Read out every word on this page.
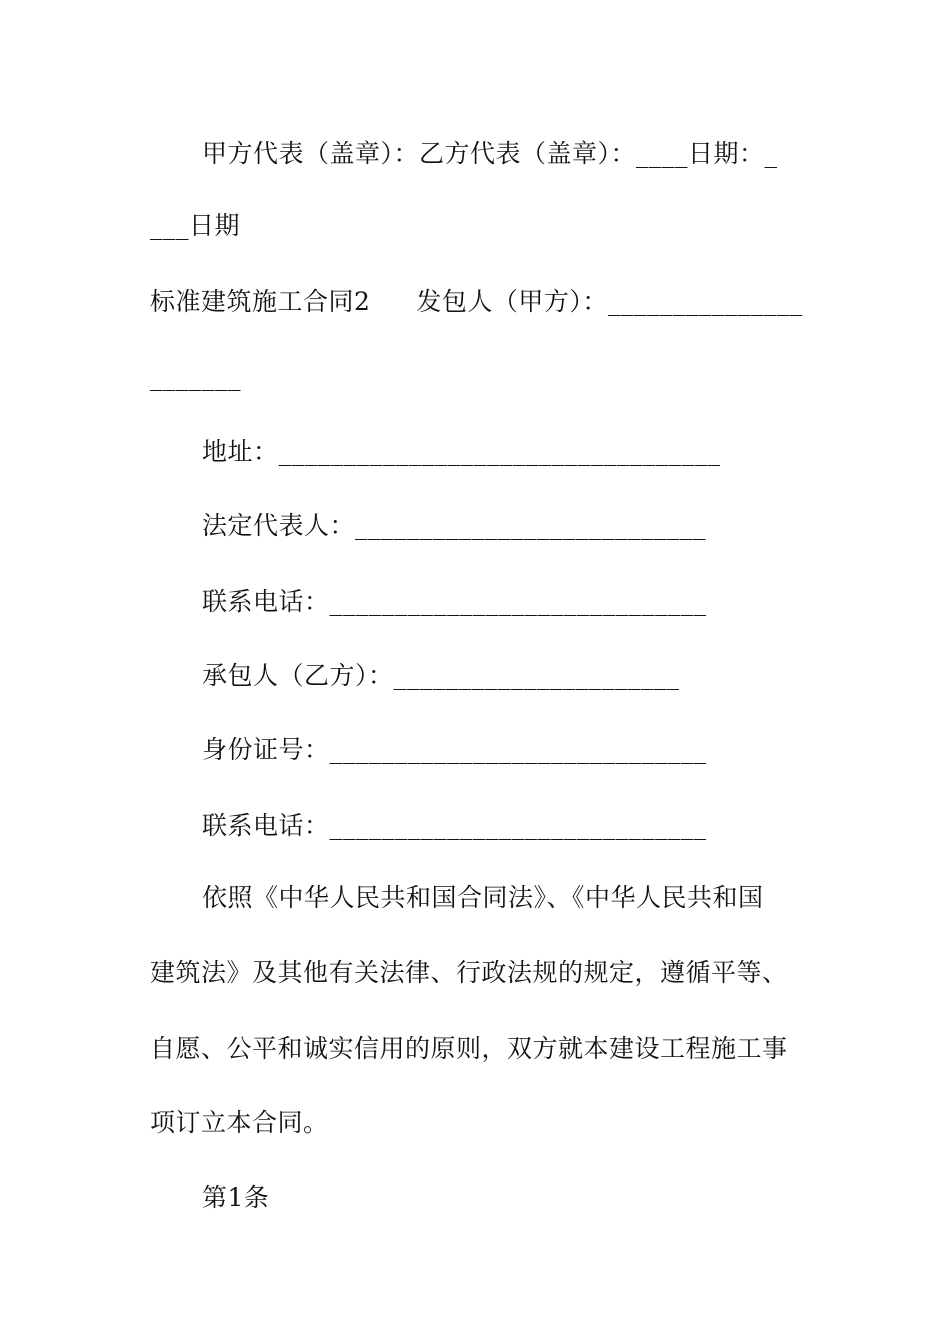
甲方代表（盖章）：乙方代表（盖章）：____日期：_
___日期
标准建筑施工合同2 发包人（甲方）：_______________
_______
地址：__________________________________
法定代表人：___________________________
联系电话：_____________________________
承包人（乙方）：______________________
身份证号：_____________________________
联系电话：_____________________________
依照《中华人民共和国合同法》、《中华人民共和国
建筑法》及其他有关法律、行政法规的规定，遵循平等、
自愿、公平和诚实信用的原则，双方就本建设工程施工事
项订立本合同。
第1条
